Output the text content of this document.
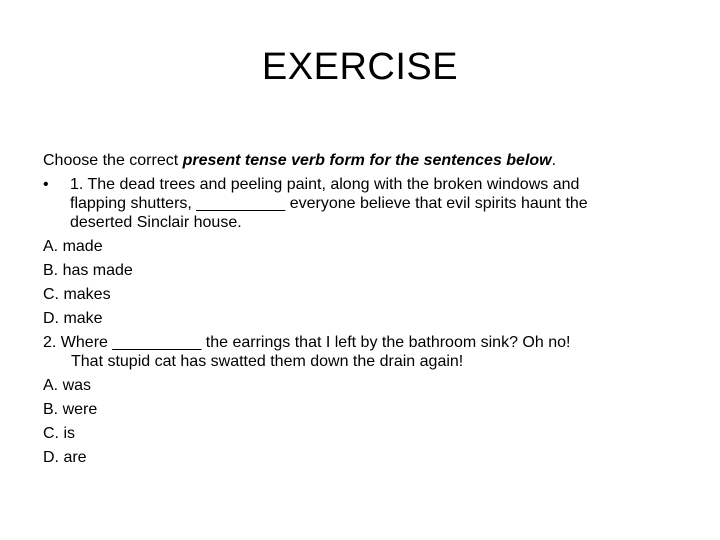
EXERCISE
Choose the correct present tense verb form for the sentences below.
• 1. The dead trees and peeling paint, along with the broken windows and
flapping shutters, __________ everyone believe that evil spirits haunt the
deserted Sinclair house.
A. made
B. has made
C. makes
D. make
2. Where __________ the earrings that I left by the bathroom sink? Oh no!
That stupid cat has swatted them down the drain again!
A. was
B. were
C. is
D. are
